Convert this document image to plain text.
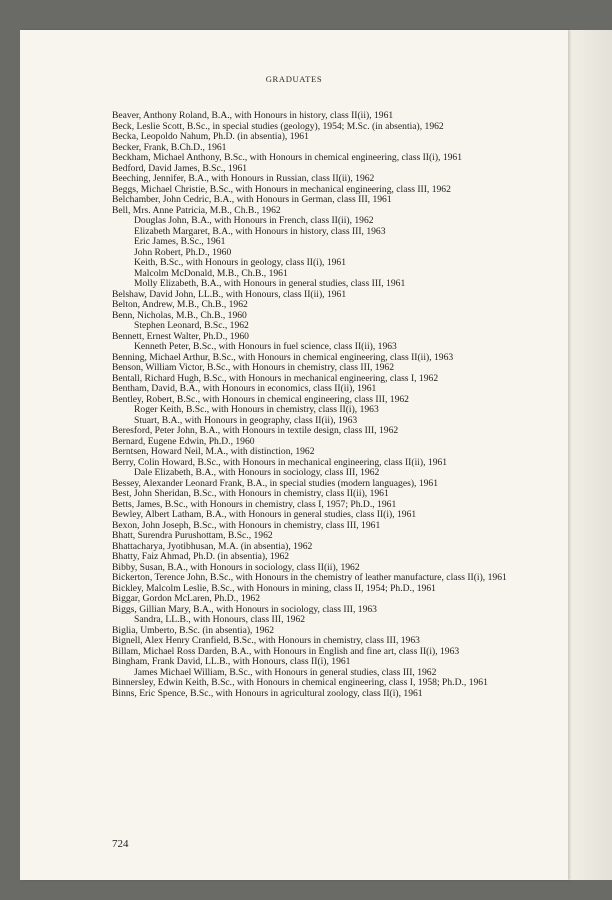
GRADUATES
Beaver, Anthony Roland, B.A., with Honours in history, class II(ii), 1961
Beck, Leslie Scott, B.Sc., in special studies (geology), 1954; M.Sc. (in absentia), 1962
Becka, Leopoldo Nahum, Ph.D. (in absentia), 1961
Becker, Frank, B.Ch.D., 1961
Beckham, Michael Anthony, B.Sc., with Honours in chemical engineering, class II(i), 1961
Bedford, David James, B.Sc., 1961
Beeching, Jennifer, B.A., with Honours in Russian, class II(ii), 1962
Beggs, Michael Christie, B.Sc., with Honours in mechanical engineering, class III, 1962
Belchamber, John Cedric, B.A., with Honours in German, class III, 1961
Bell, Mrs. Anne Patricia, M.B., Ch.B., 1962
Douglas John, B.A., with Honours in French, class II(ii), 1962
Elizabeth Margaret, B.A., with Honours in history, class III, 1963
Eric James, B.Sc., 1961
John Robert, Ph.D., 1960
Keith, B.Sc., with Honours in geology, class II(i), 1961
Malcolm McDonald, M.B., Ch.B., 1961
Molly Elizabeth, B.A., with Honours in general studies, class III, 1961
Belshaw, David John, LL.B., with Honours, class II(ii), 1961
Belton, Andrew, M.B., Ch.B., 1962
Benn, Nicholas, M.B., Ch.B., 1960
Stephen Leonard, B.Sc., 1962
Bennett, Ernest Walter, Ph.D., 1960
Kenneth Peter, B.Sc., with Honours in fuel science, class II(ii), 1963
Benning, Michael Arthur, B.Sc., with Honours in chemical engineering, class II(ii), 1963
Benson, William Victor, B.Sc., with Honours in chemistry, class III, 1962
Bentall, Richard Hugh, B.Sc., with Honours in mechanical engineering, class I, 1962
Bentham, David, B.A., with Honours in economics, class II(ii), 1961
Bentley, Robert, B.Sc., with Honours in chemical engineering, class III, 1962
Roger Keith, B.Sc., with Honours in chemistry, class II(i), 1963
Stuart, B.A., with Honours in geography, class II(ii), 1963
Beresford, Peter John, B.A., with Honours in textile design, class III, 1962
Bernard, Eugene Edwin, Ph.D., 1960
Berntsen, Howard Neil, M.A., with distinction, 1962
Berry, Colin Howard, B.Sc., with Honours in mechanical engineering, class II(ii), 1961
Dale Elizabeth, B.A., with Honours in sociology, class III, 1962
Bessey, Alexander Leonard Frank, B.A., in special studies (modern languages), 1961
Best, John Sheridan, B.Sc., with Honours in chemistry, class II(ii), 1961
Betts, James, B.Sc., with Honours in chemistry, class I, 1957; Ph.D., 1961
Bewley, Albert Latham, B.A., with Honours in general studies, class II(i), 1961
Bexon, John Joseph, B.Sc., with Honours in chemistry, class III, 1961
Bhatt, Surendra Purushottam, B.Sc., 1962
Bhattacharya, Jyotibhusan, M.A. (in absentia), 1962
Bhatty, Faiz Ahmad, Ph.D. (in absentia), 1962
Bibby, Susan, B.A., with Honours in sociology, class II(ii), 1962
Bickerton, Terence John, B.Sc., with Honours in the chemistry of leather manufacture, class II(i), 1961
Bickley, Malcolm Leslie, B.Sc., with Honours in mining, class II, 1954; Ph.D., 1961
Biggar, Gordon McLaren, Ph.D., 1962
Biggs, Gillian Mary, B.A., with Honours in sociology, class III, 1963
Sandra, LL.B., with Honours, class III, 1962
Biglia, Umberto, B.Sc. (in absentia), 1962
Bignell, Alex Henry Cranfield, B.Sc., with Honours in chemistry, class III, 1963
Billam, Michael Ross Darden, B.A., with Honours in English and fine art, class II(i), 1963
Bingham, Frank David, LL.B., with Honours, class II(i), 1961
James Michael William, B.Sc., with Honours in general studies, class III, 1962
Binnersley, Edwin Keith, B.Sc., with Honours in chemical engineering, class I, 1958; Ph.D., 1961
Binns, Eric Spence, B.Sc., with Honours in agricultural zoology, class II(i), 1961
724
